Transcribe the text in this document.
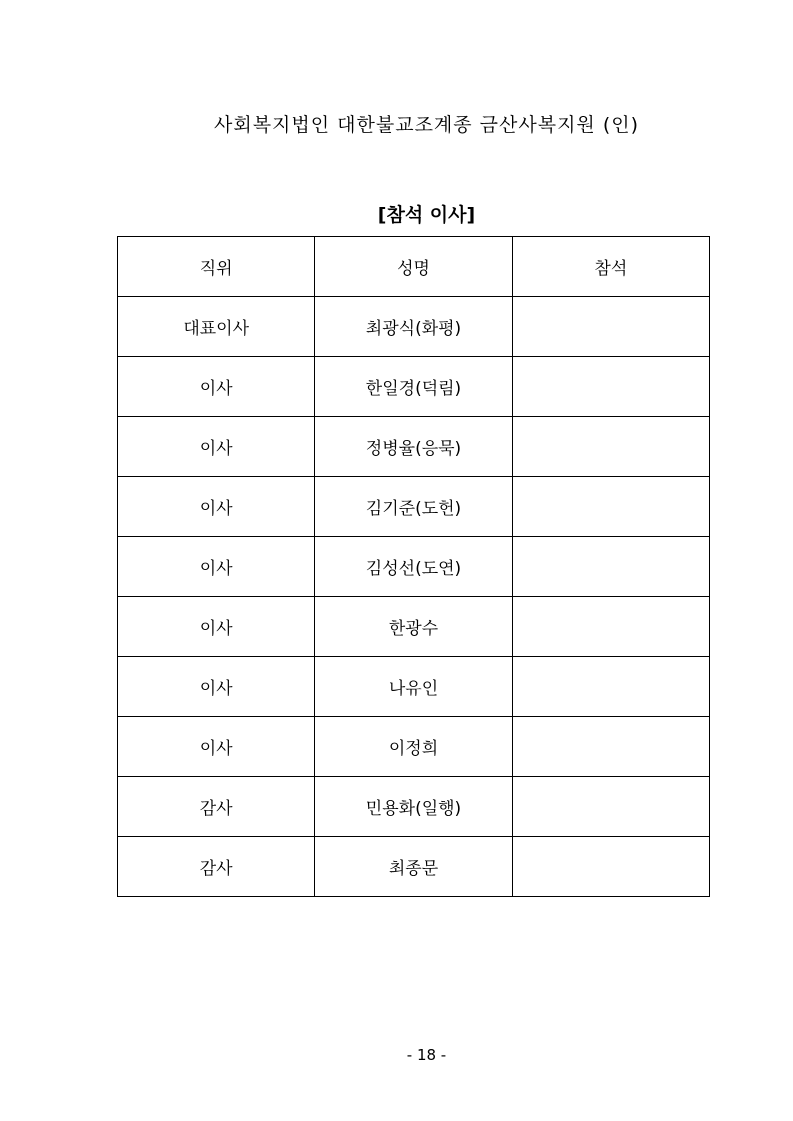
사회복지법인 대한불교조계종 금산사복지원 (인)
[참석 이사]
직위	성명	참석
대표이사	최광식(화평)	
이사	한일경(덕림)	
이사	정병율(응묵)	
이사	김기준(도헌)	
이사	김성선(도연)	
이사	한광수	
이사	나유인	
이사	이정희	
감사	민용화(일행)	
감사	최종문	
- 18 -
